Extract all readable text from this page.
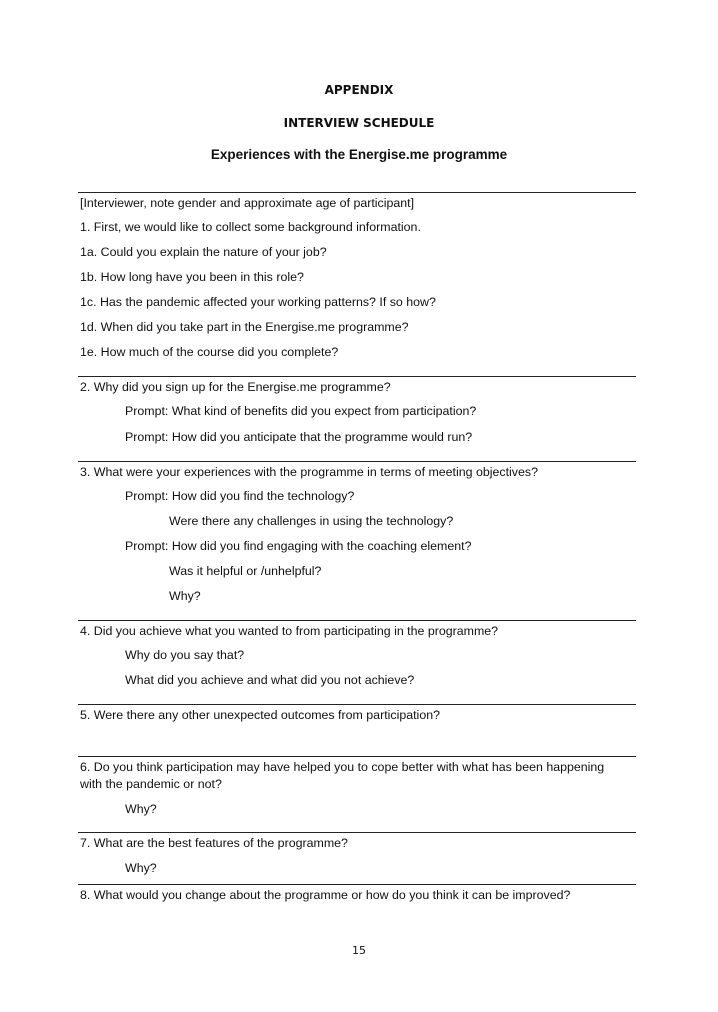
APPENDIX
INTERVIEW SCHEDULE
Experiences with the Energise.me programme
[Interviewer, note gender and approximate age of participant]
1. First, we would like to collect some background information.
1a. Could you explain the nature of your job?
1b. How long have you been in this role?
1c. Has the pandemic affected your working patterns? If so how?
1d. When did you take part in the Energise.me programme?
1e. How much of the course did you complete?
2. Why did you sign up for the Energise.me programme?
Prompt: What kind of benefits did you expect from participation?
Prompt: How did you anticipate that the programme would run?
3. What were your experiences with the programme in terms of meeting objectives?
Prompt: How did you find the technology?
Were there any challenges in using the technology?
Prompt: How did you find engaging with the coaching element?
Was it helpful or /unhelpful?
Why?
4. Did you achieve what you wanted to from participating in the programme?
Why do you say that?
What did you achieve and what did you not achieve?
5. Were there any other unexpected outcomes from participation?
6. Do you think participation may have helped you to cope better with what has been happening with the pandemic or not?
Why?
7. What are the best features of the programme?
Why?
8. What would you change about the programme or how do you think it can be improved?
15
